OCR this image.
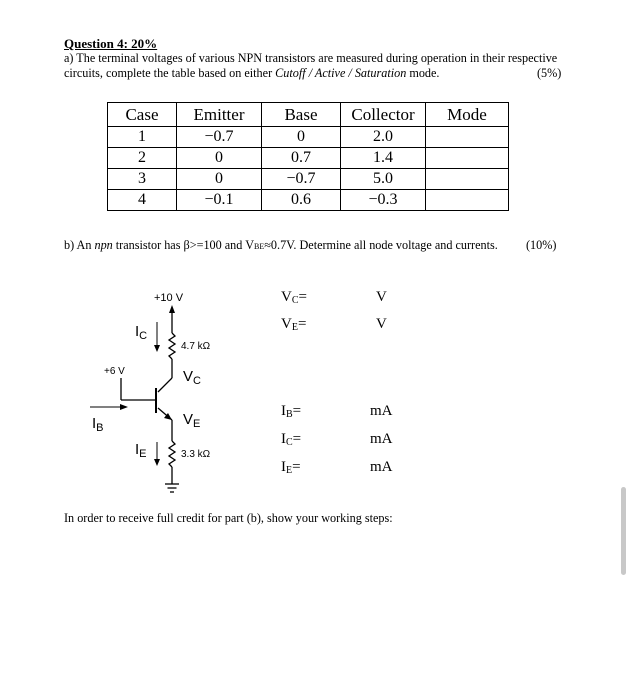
Question 4: 20%
a) The terminal voltages of various NPN transistors are measured during operation in their respective
circuits, complete the table based on either Cutoff / Active / Saturation mode.	(5%)
Case	Emitter	Base	Collector	Mode
1	−0.7	0	2.0	
2	0	0.7	1.4	
3	0	−0.7	5.0	
4	−0.1	0.6	−0.3	
b) An npn transistor has β>=100 and VBE≈0.7V. Determine all node voltage and currents. (10%)
+10 V
4.7 kΩ
$I_C$
$V_C$
+6 V
$I_B$	$V_E$
3.3 kΩ
$I_E$
VC=	V
VE=	V
IB=	mA
IC=	mA
IE=	mA
In order to receive full credit for part (b), show your working steps:
